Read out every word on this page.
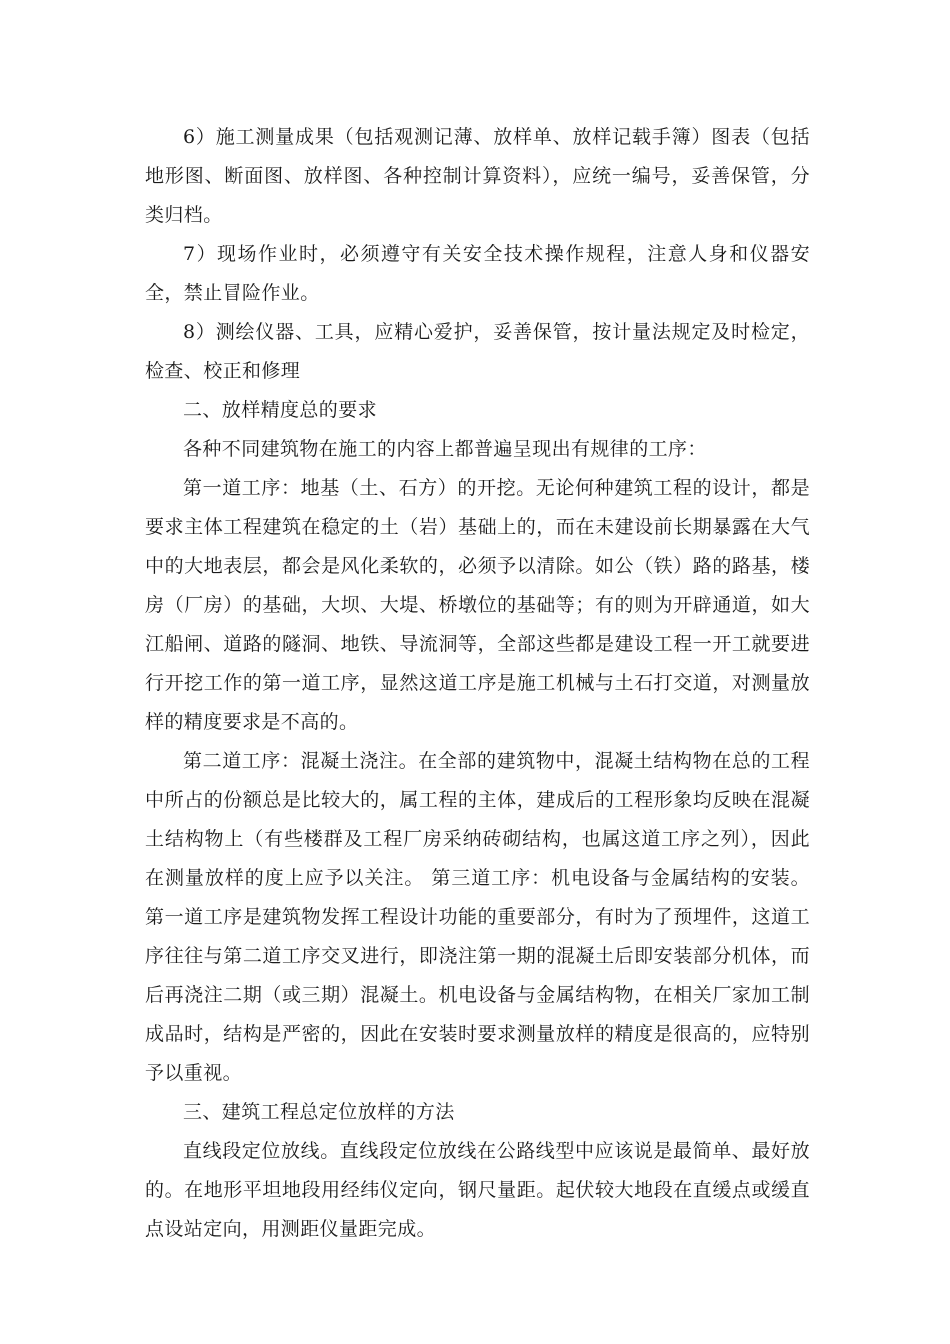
6）施工测量成果（包括观测记薄、放样单、放样记载手簿）图表（包括地形图、断面图、放样图、各种控制计算资料），应统一编号，妥善保管，分类归档。

7）现场作业时，必须遵守有关安全技术操作规程，注意人身和仪器安全，禁止冒险作业。

8）测绘仪器、工具，应精心爱护，妥善保管，按计量法规定及时检定，检查、校正和修理

二、放样精度总的要求

各种不同建筑物在施工的内容上都普遍呈现出有规律的工序：

第一道工序：地基（土、石方）的开挖。无论何种建筑工程的设计，都是要求主体工程建筑在稳定的土（岩）基础上的，而在未建设前长期暴露在大气中的大地表层，都会是风化柔软的，必须予以清除。如公（铁）路的路基，楼房（厂房）的基础，大坝、大堤、桥墩位的基础等；有的则为开辟通道，如大江船闸、道路的隧洞、地铁、导流洞等，全部这些都是建设工程一开工就要进行开挖工作的第一道工序，显然这道工序是施工机械与土石打交道，对测量放样的精度要求是不高的。

第二道工序：混凝土浇注。在全部的建筑物中，混凝土结构物在总的工程中所占的份额总是比较大的，属工程的主体，建成后的工程形象均反映在混凝土结构物上（有些楼群及工程厂房采纳砖砌结构，也属这道工序之列），因此在测量放样的度上应予以关注。 第三道工序：机电设备与金属结构的安装。第一道工序是建筑物发挥工程设计功能的重要部分，有时为了预埋件，这道工序往往与第二道工序交叉进行，即浇注第一期的混凝土后即安装部分机体，而后再浇注二期（或三期）混凝土。机电设备与金属结构物，在相关厂家加工制成品时，结构是严密的，因此在安装时要求测量放样的精度是很高的，应特别予以重视。

三、建筑工程总定位放样的方法

直线段定位放线。直线段定位放线在公路线型中应该说是最简单、最好放的。在地形平坦地段用经纬仪定向，钢尺量距。起伏较大地段在直缓点或缓直点设站定向，用测距仪量距完成。
